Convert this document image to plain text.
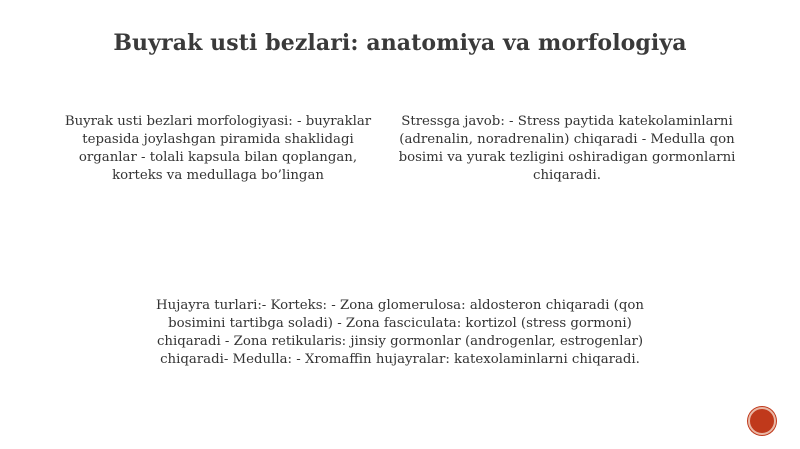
Buyrak usti bezlari: anatomiya va morfologiya

Buyrak usti bezlari morfologiyasi: - buyraklar tepasida joylashgan piramida shaklidagi organlar - tolali kapsula bilan qoplangan, korteks va medullaga bo’lingan

Stressga javob: - Stress paytida katekolaminlarni (adrenalin, noradrenalin) chiqaradi - Medulla qon bosimi va yurak tezligini oshiradigan gormonlarni chiqaradi.

Hujayra turlari:- Korteks: - Zona glomerulosa: aldosteron chiqaradi (qon bosimini tartibga soladi) - Zona fasciculata: kortizol (stress gormoni) chiqaradi - Zona retikularis: jinsiy gormonlar (androgenlar, estrogenlar) chiqaradi- Medulla: - Xromaffin hujayralar: katexolaminlarni chiqaradi.
